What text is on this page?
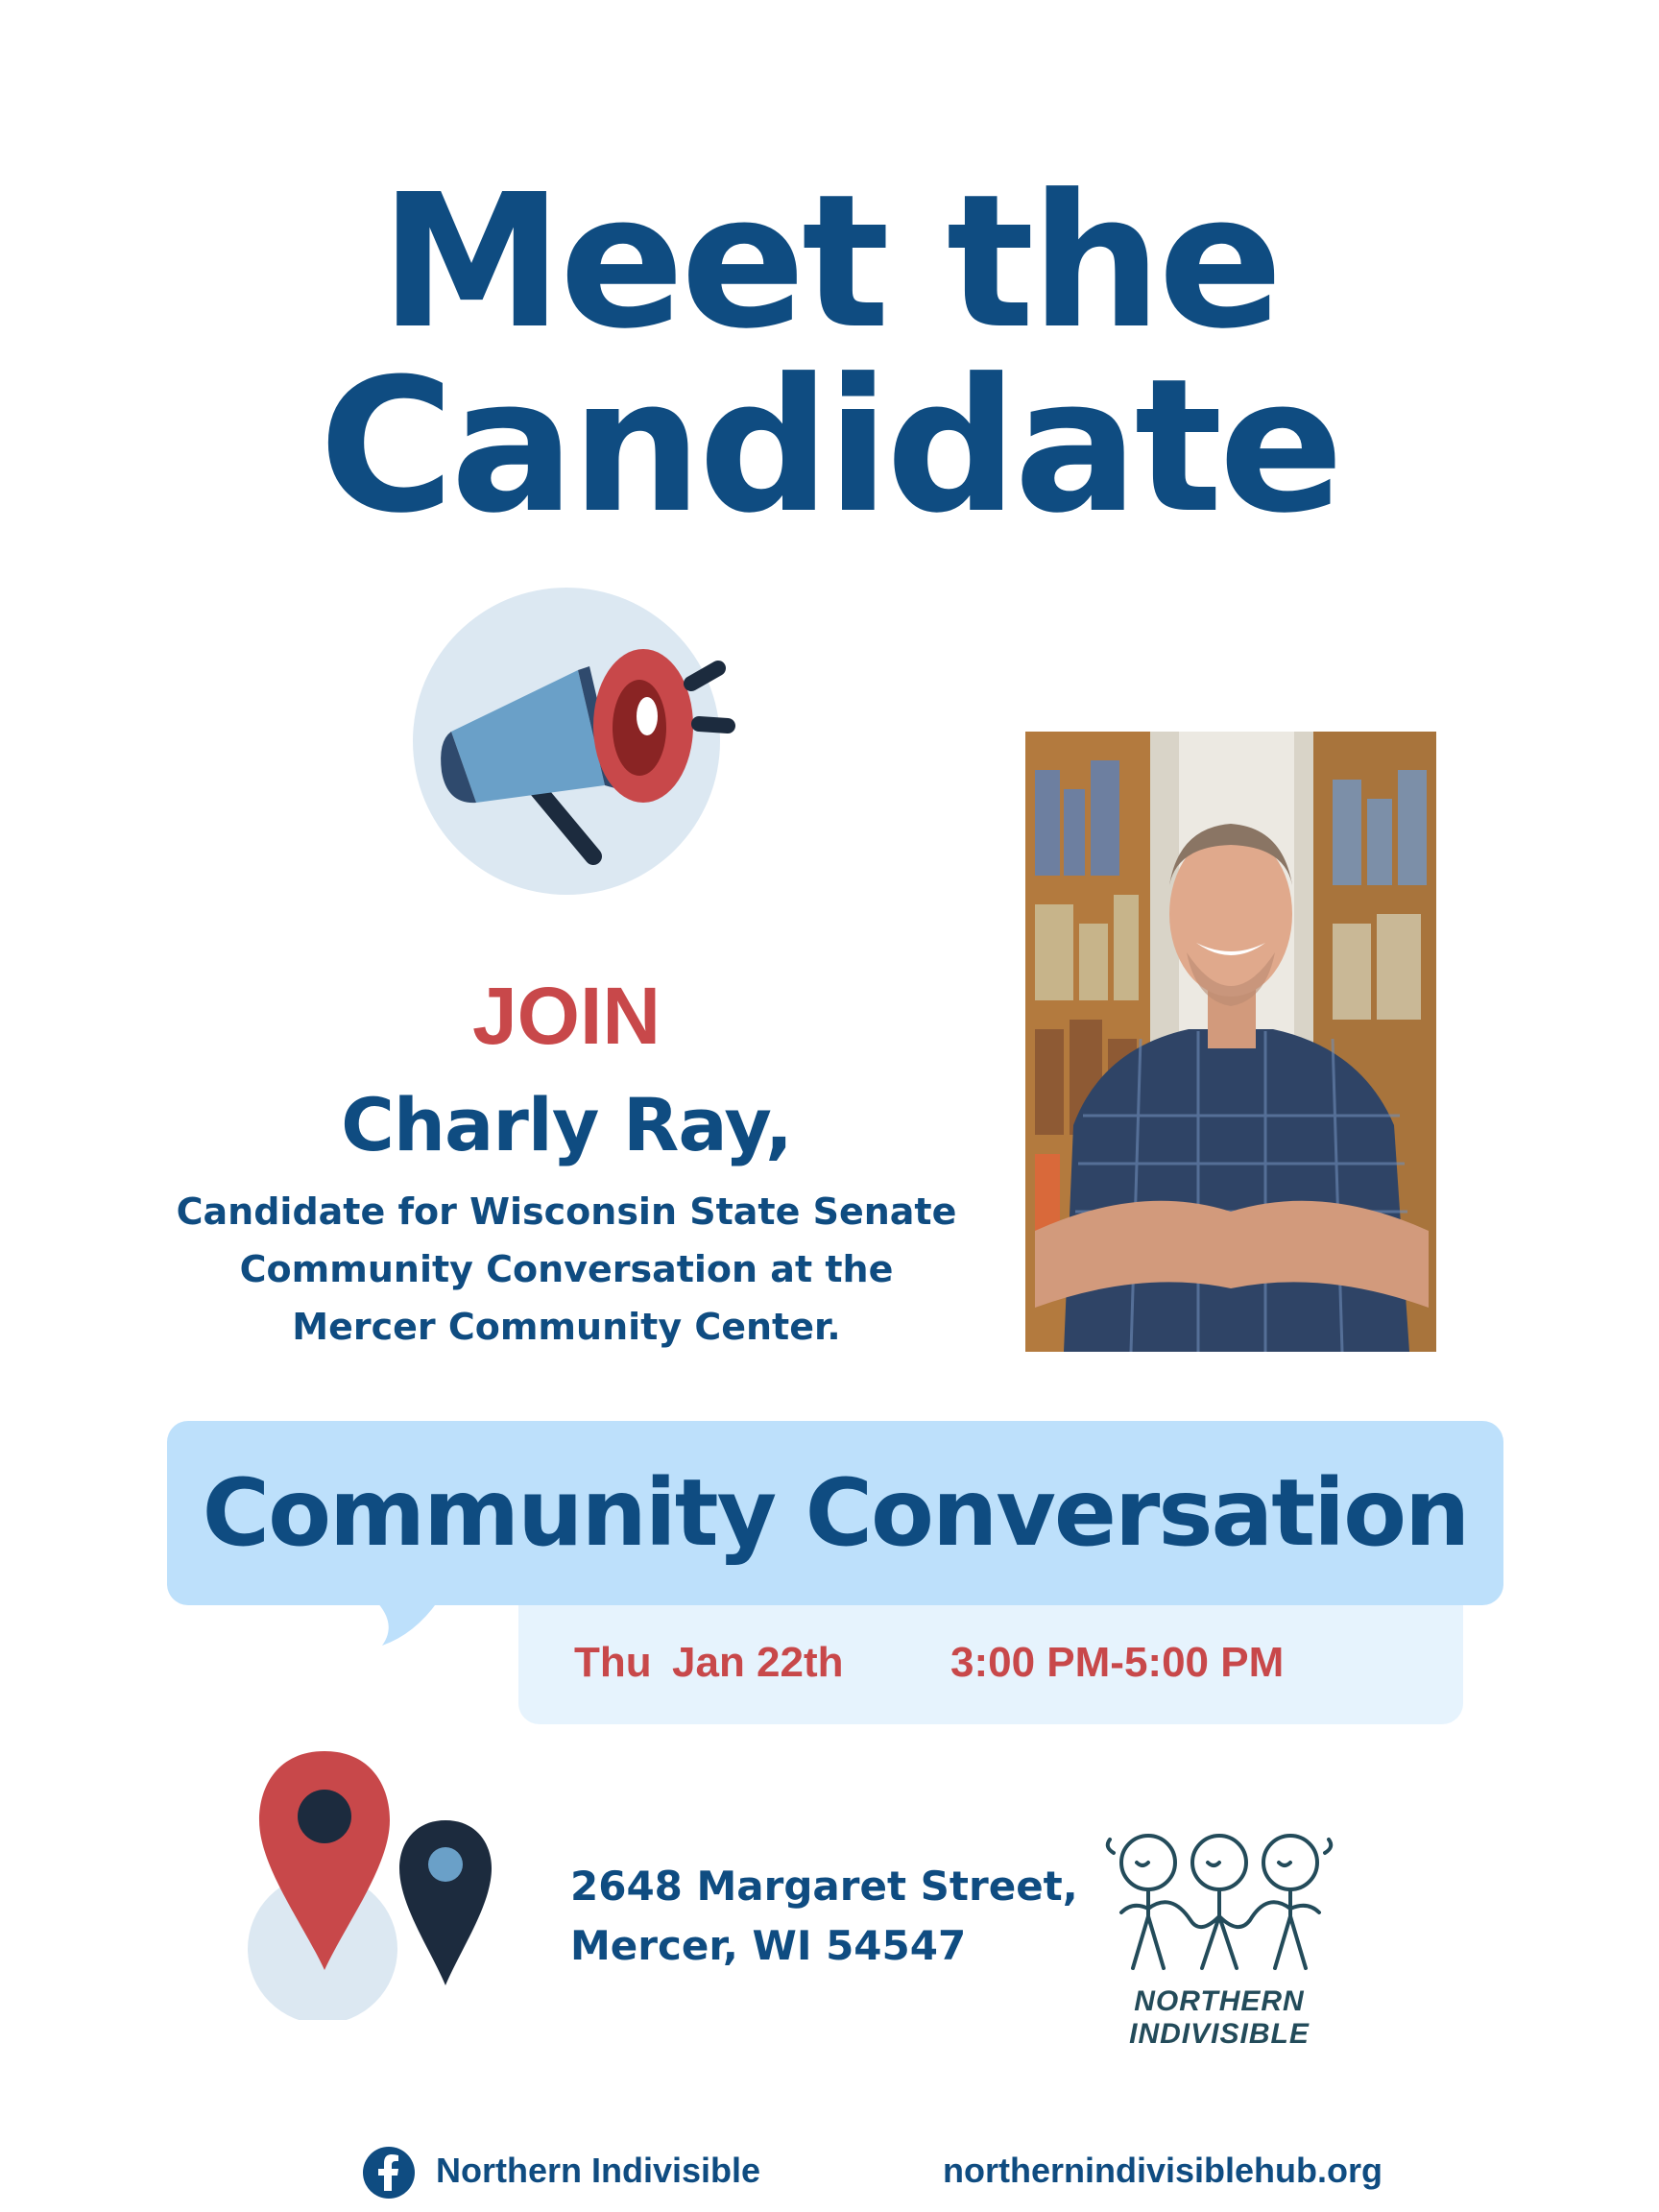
Meet the
Candidate
JOIN
Charly Ray,
Candidate for Wisconsin State Senate
Community Conversation at the
Mercer Community Center.
Community Conversation
Thu Jan 22th	3:00 PM-5:00 PM
2648 Margaret Street,
Mercer, WI 54547
NORTHERN
INDIVISIBLE
Northern Indivisible	northernindivisiblehub.org
